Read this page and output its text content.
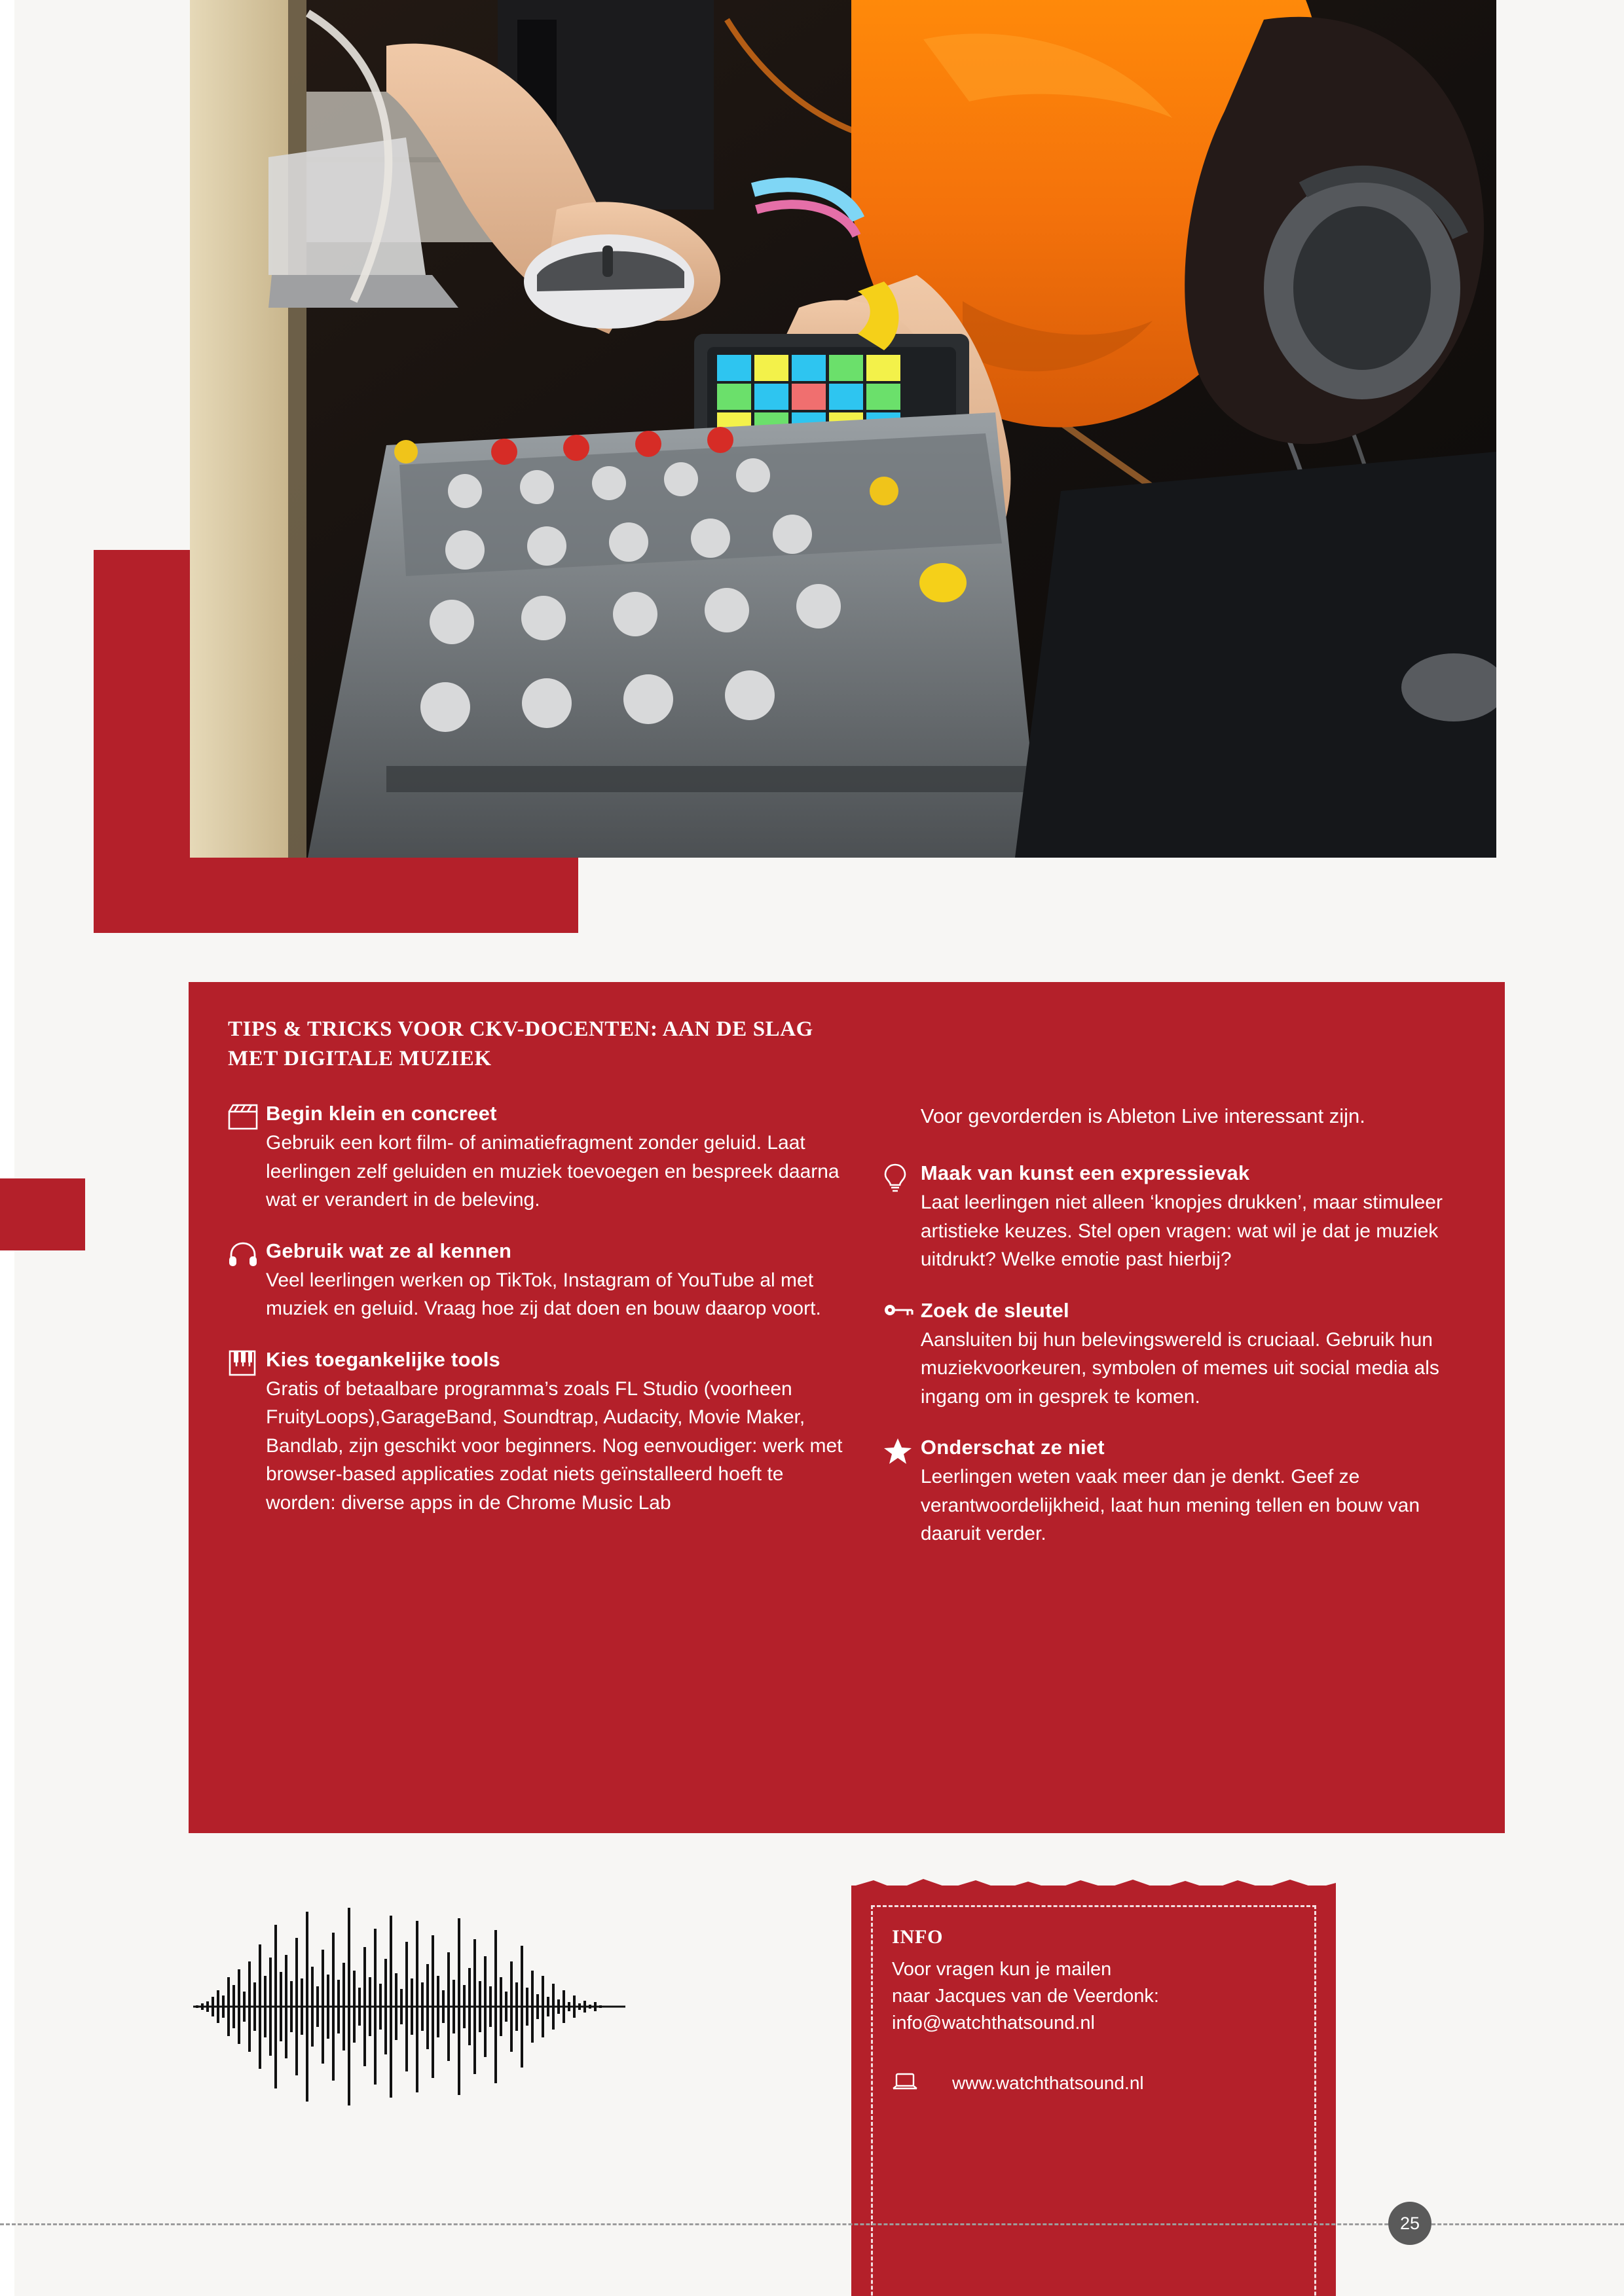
TIPS & TRICKS VOOR CKV-DOCENTEN: AAN DE SLAG MET DIGITALE MUZIEK
Begin klein en concreet
Gebruik een kort film- of animatiefragment zonder geluid. Laat leerlingen zelf geluiden en muziek toevoegen en bespreek daarna wat er verandert in de beleving.
Gebruik wat ze al kennen
Veel leerlingen werken op TikTok, Instagram of YouTube al met muziek en geluid. Vraag hoe zij dat doen en bouw daarop voort.
Kies toegankelijke tools
Gratis of betaalbare programma’s zoals FL Studio (voorheen FruityLoops),GarageBand, Soundtrap, Audacity, Movie Maker, Bandlab, zijn geschikt voor beginners. Nog eenvoudiger: werk met browser-based applicaties zodat niets geïnstalleerd hoeft te worden: diverse apps in de Chrome Music Lab
Voor gevorderden is Ableton Live interessant zijn.
Maak van kunst een expressievak
Laat leerlingen niet alleen ‘knopjes drukken’, maar stimuleer artistieke keuzes. Stel open vragen: wat wil je dat je muziek uitdrukt? Welke emotie past hierbij?
Zoek de sleutel
Aansluiten bij hun belevingswereld is cruciaal. Gebruik hun muziekvoorkeuren, symbolen of memes uit social media als ingang om in gesprek te komen.
Onderschat ze niet
Leerlingen weten vaak meer dan je denkt. Geef ze verantwoordelijkheid, laat hun mening tellen en bouw van daaruit verder.
INFO
Voor vragen kun je mailen
naar Jacques van de Veerdonk:
info@watchthatsound.nl
www.watchthatsound.nl
25
